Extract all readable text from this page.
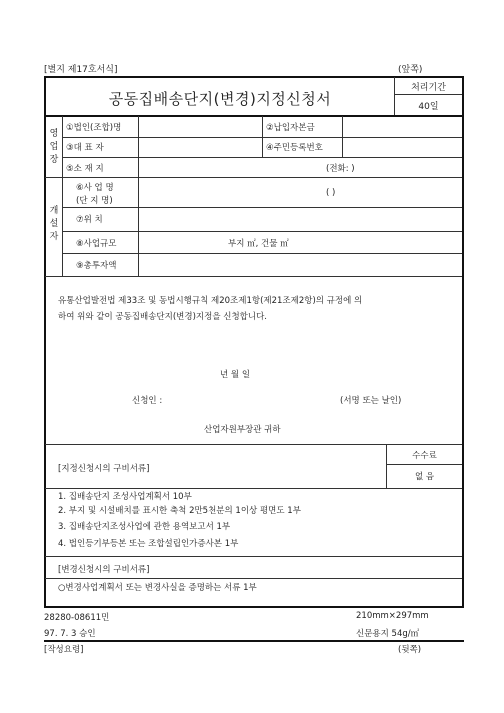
[별지 제17호서식]	(앞쪽)
공동집배송단지(변경)지정신청서
처리기간
40일
영
업
장
①법인(조합)명	②납입자본금
③대 표 자	④주민등록번호
⑤소 재 지	(전화: )
개
설
자
⑥사 업 명
(단 지 명)
( )
⑦위 치
⑧사업규모	부지 ㎡, 건물 ㎡
⑨총투자액
유통산업발전법 제33조 및 동법시행규칙 제20조제1항(제21조제2항)의 규정에 의
하여 위와 같이 공동집배송단지(변경)지정을 신청합니다.
년 월 일
신청인 :	(서명 또는 날인)
산업자원부장관 귀하
수수료
없 음
[지정신청시의 구비서류]
1. 집배송단지 조성사업계획서 10부
2. 부지 및 시설배치를 표시한 축척 2만5천분의 1이상 평면도 1부
3. 집배송단지조성사업에 관한 용역보고서 1부
4. 법인등기부등본 또는 조합설립인가증사본 1부
[변경신청시의 구비서류]
○변경사업계획서 또는 변경사실을 증명하는 서류 1부
28280-08611민	210mm×297mm
97. 7. 3 승인	신문용지 54g/㎡
[작성요령]	(뒷쪽)
